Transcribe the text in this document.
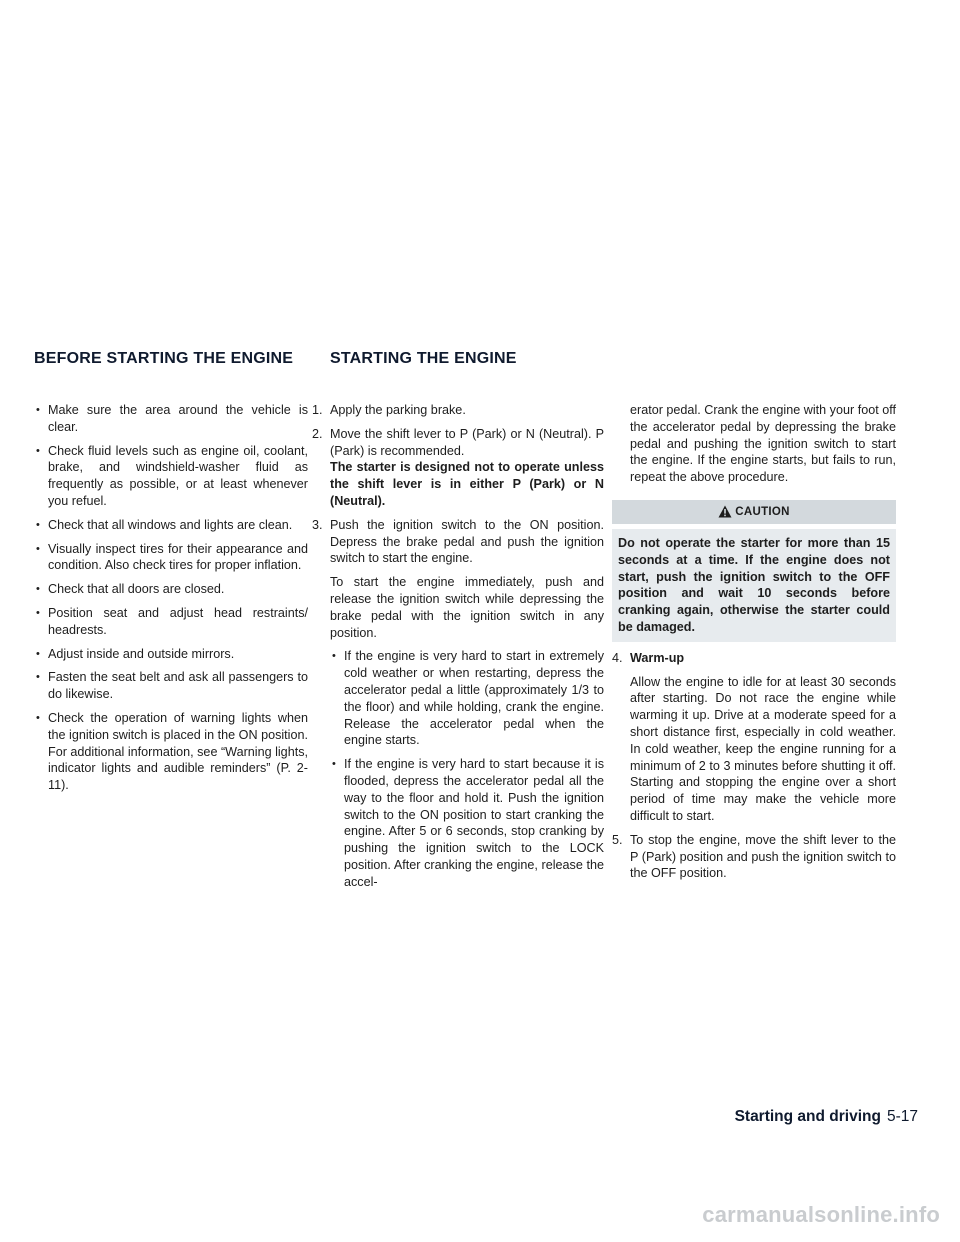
BEFORE STARTING THE ENGINE STARTING THE ENGINE
• Make sure the area around the vehicle is clear.
• Check fluid levels such as engine oil, coolant, brake, and windshield-washer fluid as frequently as possible, or at least whenever you refuel.
• Check that all windows and lights are clean.
• Visually inspect tires for their appearance and condition. Also check tires for proper inflation.
• Check that all doors are closed.
• Position seat and adjust head restraints/ headrests.
• Adjust inside and outside mirrors.
• Fasten the seat belt and ask all passengers to do likewise.
• Check the operation of warning lights when the ignition switch is placed in the ON position. For additional information, see “Warning lights, indicator lights and audible reminders” (P. 2-11).
1. Apply the parking brake.
2. Move the shift lever to P (Park) or N (Neutral). P (Park) is recommended.
The starter is designed not to operate unless the shift lever is in either P (Park) or N (Neutral).
3. Push the ignition switch to the ON position. Depress the brake pedal and push the ignition switch to start the engine.

To start the engine immediately, push and release the ignition switch while depressing the brake pedal with the ignition switch in any position.

• If the engine is very hard to start in extremely cold weather or when restarting, depress the accelerator pedal a little (approximately 1/3 to the floor) and while holding, crank the engine. Release the accelerator pedal when the engine starts.
• If the engine is very hard to start because it is flooded, depress the accelerator pedal all the way to the floor and hold it. Push the ignition switch to the ON position to start cranking the engine. After 5 or 6 seconds, stop cranking by pushing the ignition switch to the LOCK position. After cranking the engine, release the accel-

erator pedal. Crank the engine with your foot off the accelerator pedal by depressing the brake pedal and pushing the ignition switch to start the engine. If the engine starts, but fails to run, repeat the above procedure.

CAUTION
Do not operate the starter for more than 15 seconds at a time. If the engine does not start, push the ignition switch to the OFF position and wait 10 seconds before cranking again, otherwise the starter could be damaged.
4. Warm-up

Allow the engine to idle for at least 30 seconds after starting. Do not race the engine while warming it up. Drive at a moderate speed for a short distance first, especially in cold weather. In cold weather, keep the engine running for a minimum of 2 to 3 minutes before shutting it off. Starting and stopping the engine over a short period of time may make the vehicle more difficult to start.

5. To stop the engine, move the shift lever to the P (Park) position and push the ignition switch to the OFF position.
Starting and driving 5-17
carmanualsonline.info
